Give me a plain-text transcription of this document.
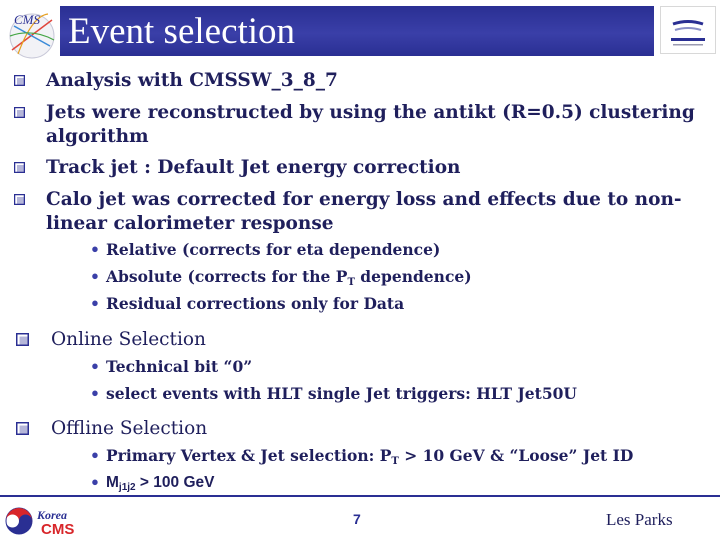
CMS Event selection
Analysis with CMSSW_3_8_7
Jets were reconstructed by using the antikt (R=0.5) clustering
algorithm
Track jet : Default Jet energy correction
Calo jet was corrected for energy loss and effects due to non-
linear calorimeter response
• Relative (corrects for eta dependence)
• Absolute (corrects for the $P_T$ dependence)
• Residual corrections only for Data
Online Selection
• Technical bit “0”
• select events with HLT single Jet triggers: HLT Jet50U
Offline Selection
• Primary Vertex & Jet selection: $P_T > 10$ GeV & “Loose” Jet ID
• $M_{j1j2} > 100$ GeV
Korea
CMS
7	Les Parks
